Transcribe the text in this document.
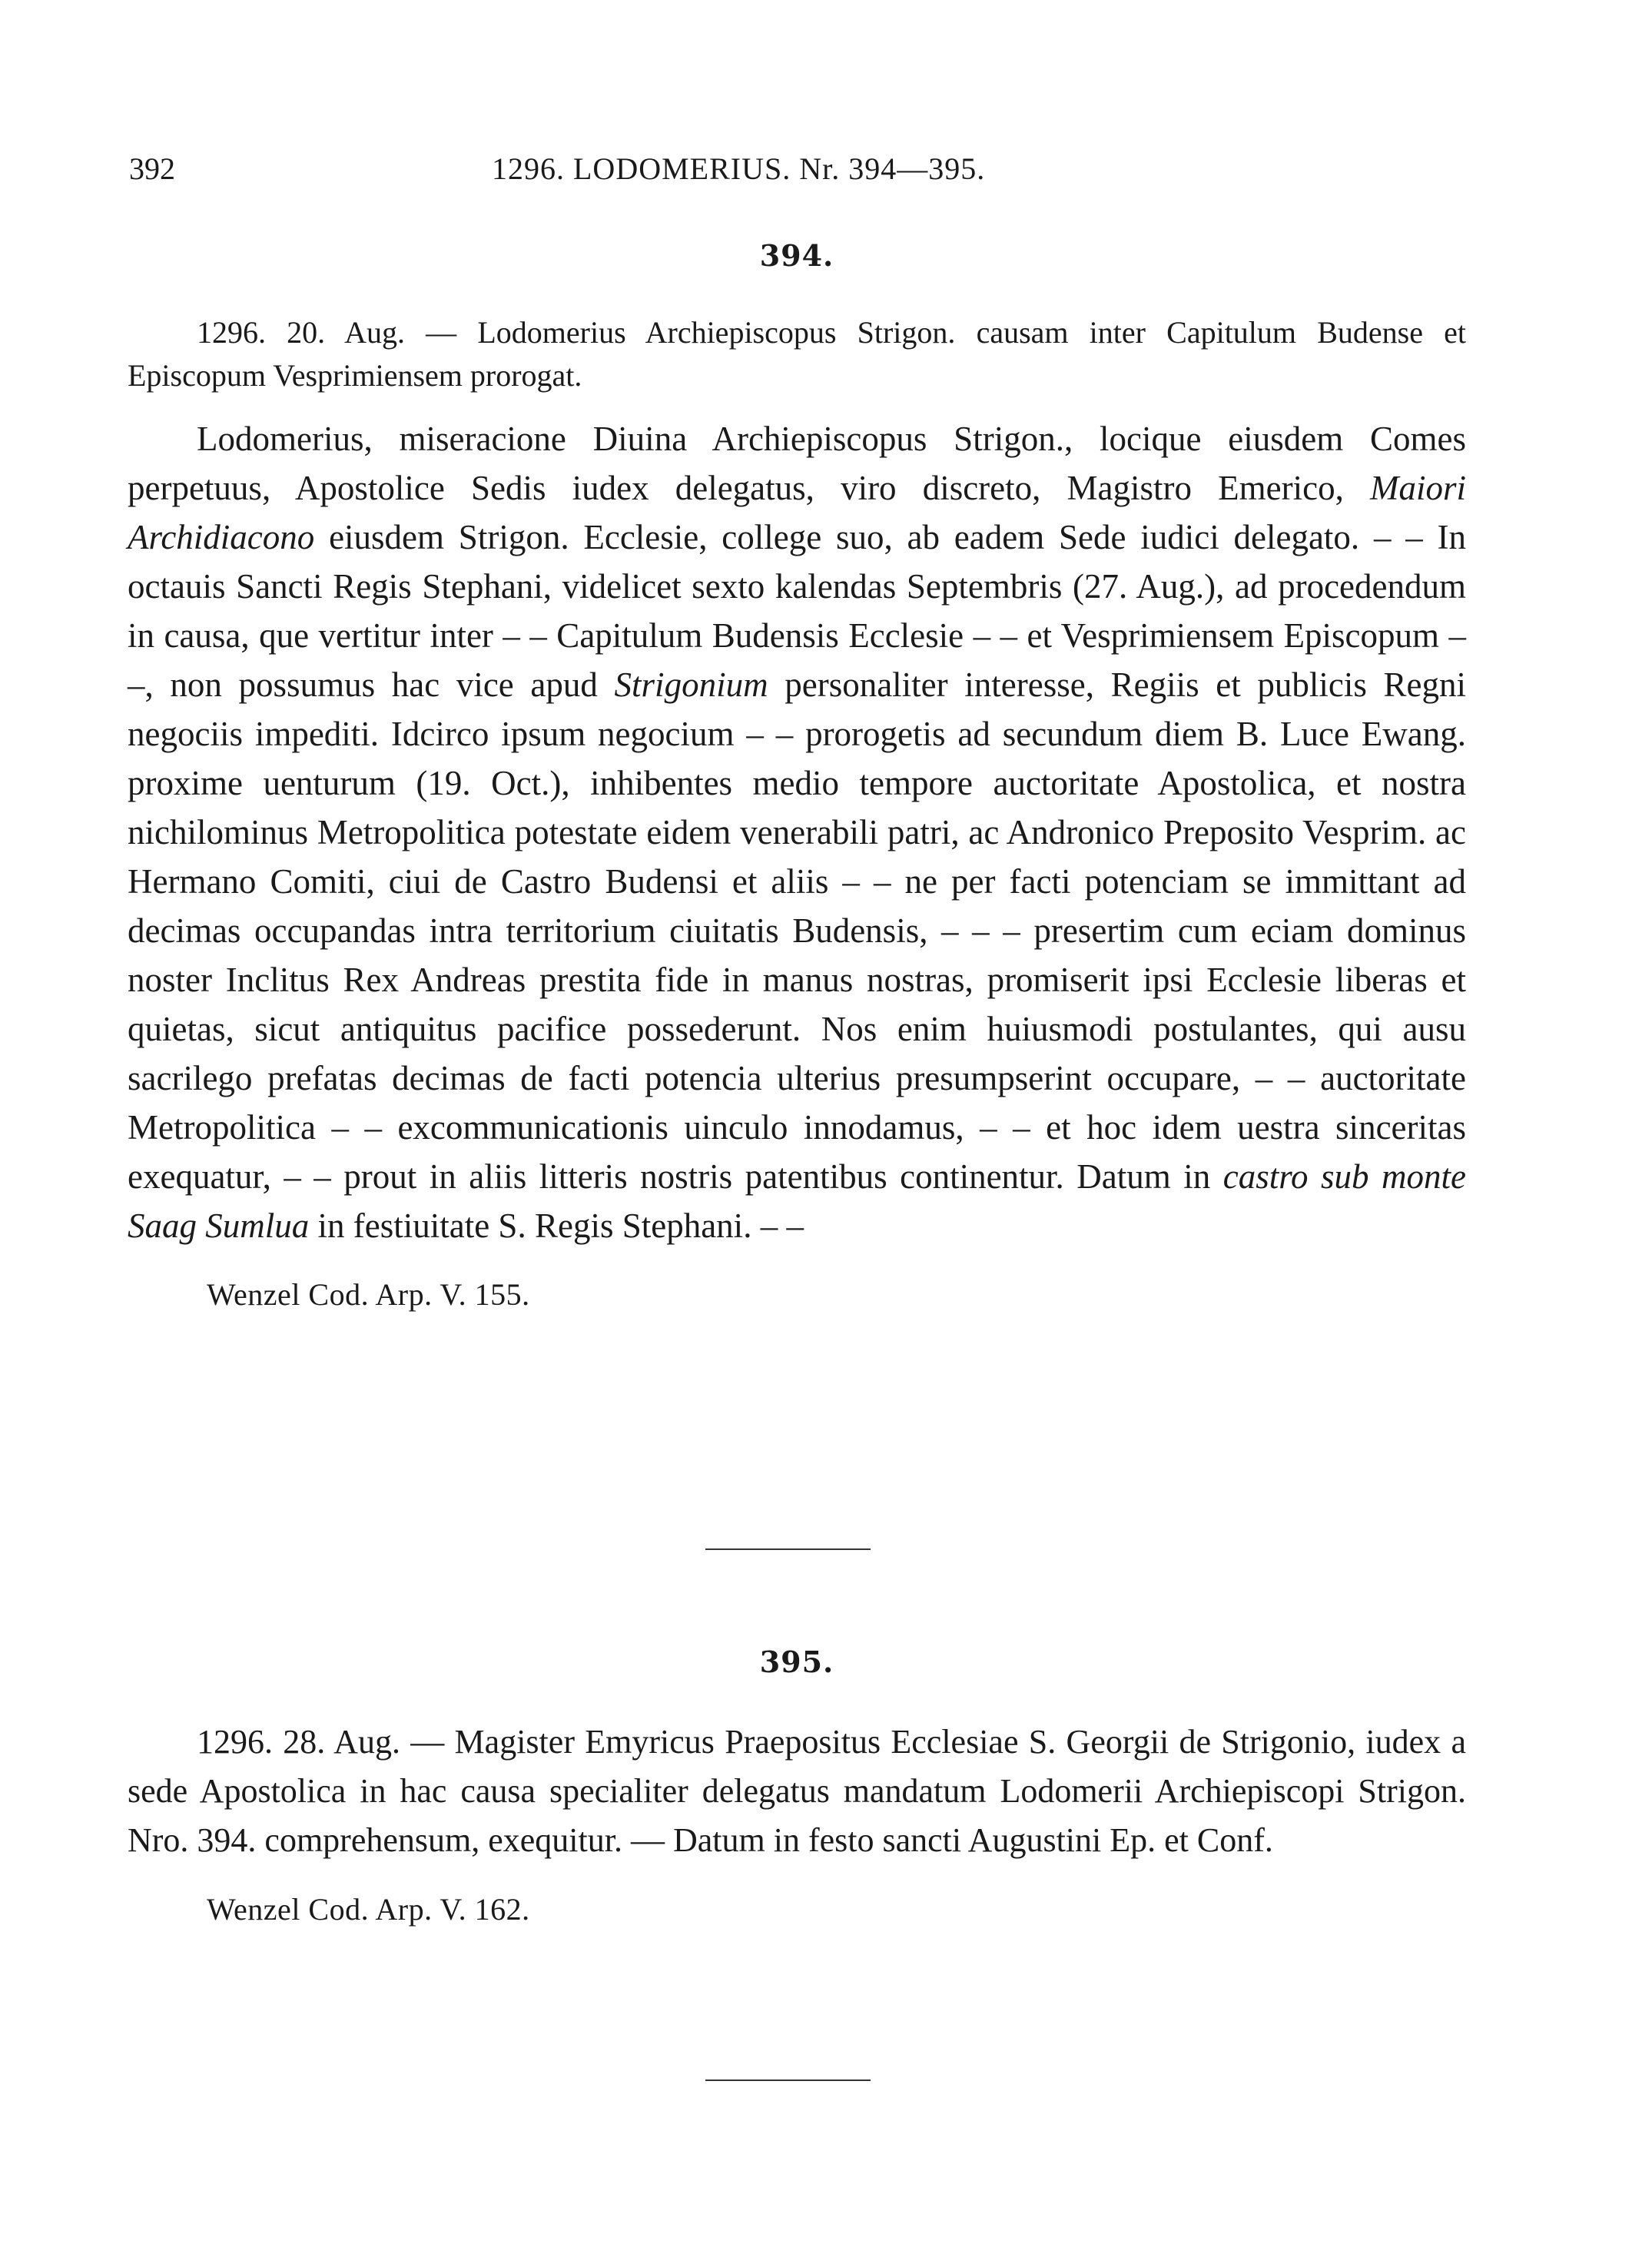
392	1296. LODOMERIUS. Nr. 394—395.
394.

1296. 20. Aug. — Lodomerius Archiepiscopus Strigon. causam inter Capitulum Budense et Episcopum Vesprimiensem prorogat.

Lodomerius, miseracione Diuina Archiepiscopus Strigon., locique eiusdem Comes perpetuus, Apostolice Sedis iudex delegatus, viro discreto, Magistro Emerico, Maiori Archidiacono eiusdem Strigon. Ecclesie, college suo, ab eadem Sede iudici delegato. – – In octauis Sancti Regis Stephani, videlicet sexto kalendas Septembris (27. Aug.), ad procedendum in causa, que vertitur inter – – Capitulum Budensis Ecclesie – – et Vesprimiensem Episcopum – –, non possumus hac vice apud Strigonium personaliter interesse, Regiis et publicis Regni negociis impediti. Idcirco ipsum negocium – – prorogetis ad secundum diem B. Luce Ewang. proxime uenturum (19. Oct.), inhibentes medio tempore auctoritate Apostolica, et nostra nichilominus Metropolitica potestate eidem venerabili patri, ac Andronico Preposito Vesprim. ac Hermano Comiti, ciui de Castro Budensi et aliis – – ne per facti potenciam se immittant ad decimas occupandas intra territorium ciuitatis Budensis, – – – presertim cum eciam dominus noster Inclitus Rex Andreas prestita fide in manus nostras, promiserit ipsi Ecclesie liberas et quietas, sicut antiquitus pacifice possederunt. Nos enim huiusmodi postulantes, qui ausu sacrilego prefatas decimas de facti potencia ulterius presumpserint occupare, – – auctoritate Metropolitica – – excommunicationis uinculo innodamus, – – et hoc idem uestra sinceritas exequatur, – – prout in aliis litteris nostris patentibus continentur. Datum in castro sub monte Saag Sumlua in festiuitate S. Regis Stephani. – –

Wenzel Cod. Arp. V. 155.
395.

1296. 28. Aug. — Magister Emyricus Praepositus Ecclesiae S. Georgii de Strigonio, iudex a sede Apostolica in hac causa specialiter delegatus mandatum Lodomerii Archiepiscopi Strigon. Nro. 394. comprehensum, exequitur. — Datum in festo sancti Augustini Ep. et Conf.

Wenzel Cod. Arp. V. 162.
